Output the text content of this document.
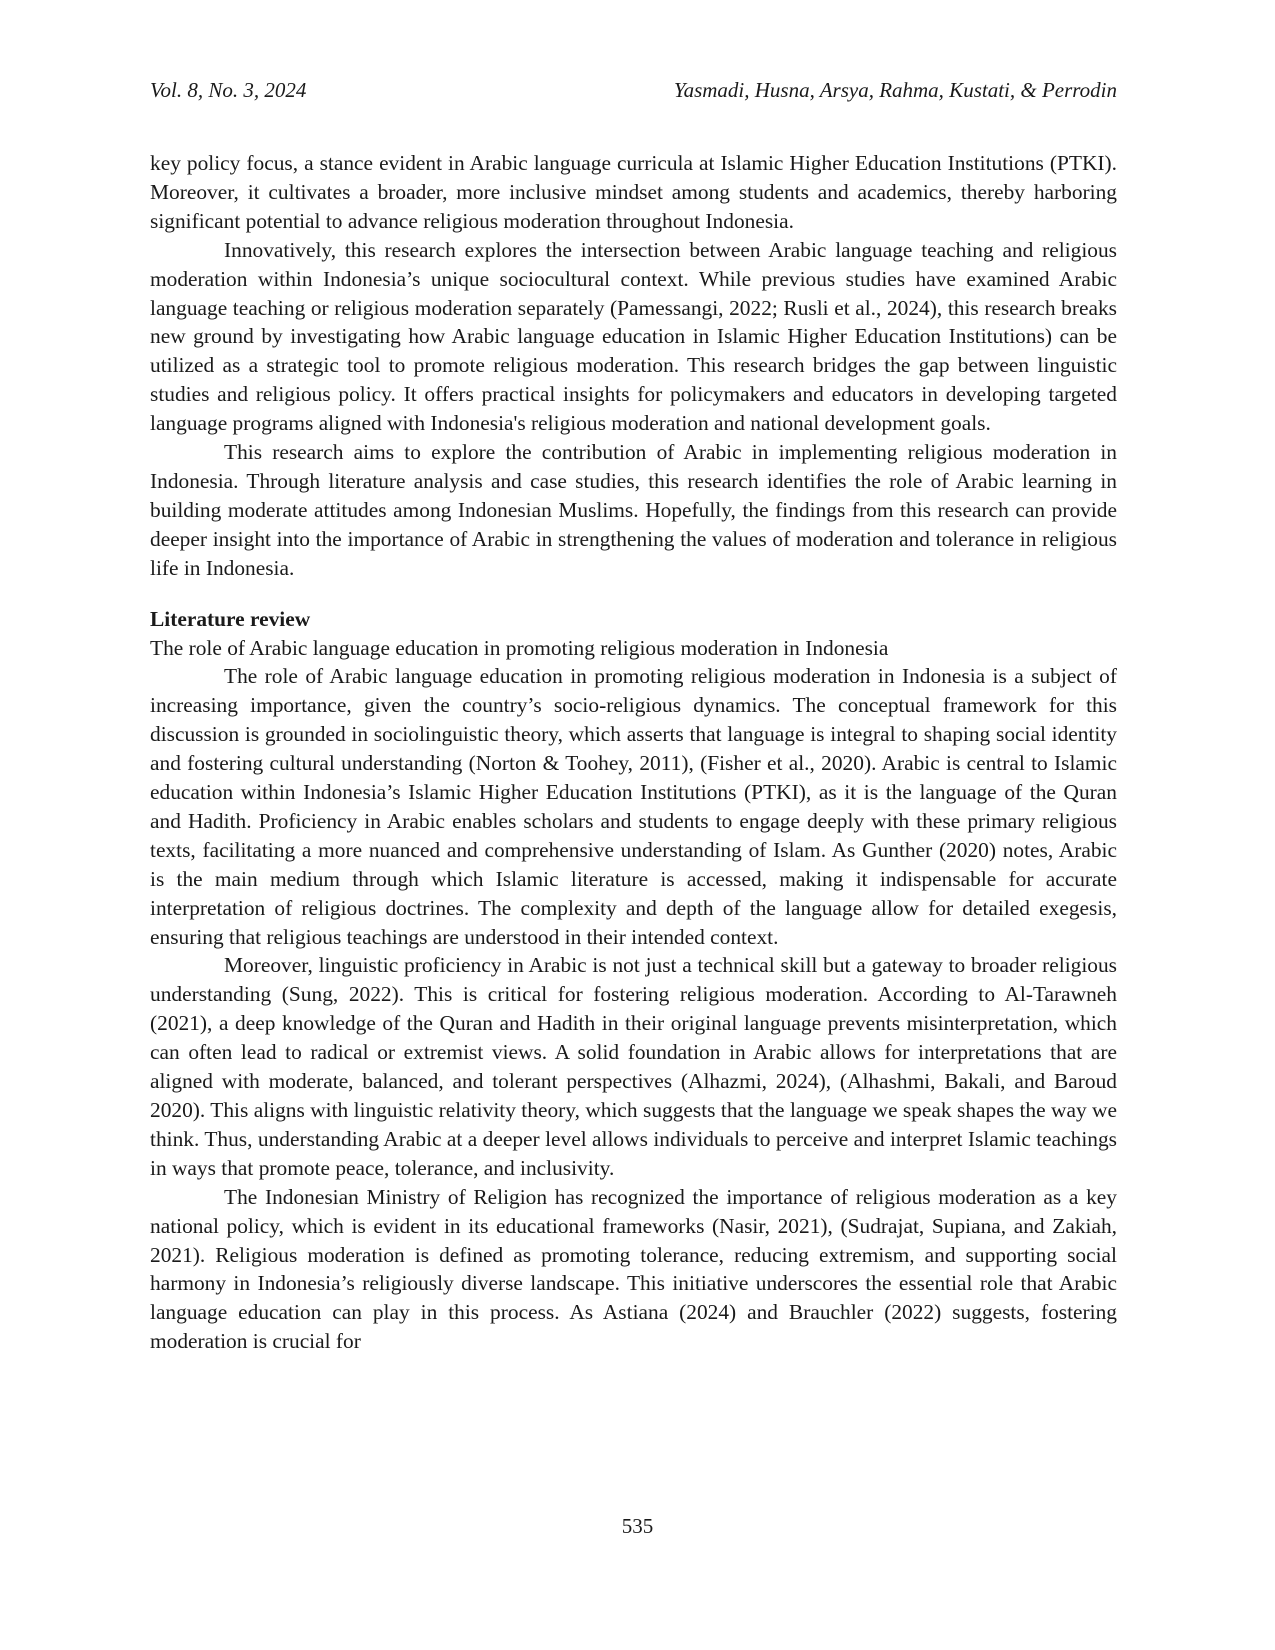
Vol. 8, No. 3, 2024	Yasmadi, Husna, Arsya, Rahma, Kustati, & Perrodin

key policy focus, a stance evident in Arabic language curricula at Islamic Higher Education Institutions (PTKI). Moreover, it cultivates a broader, more inclusive mindset among students and academics, thereby harboring significant potential to advance religious moderation throughout Indonesia.

Innovatively, this research explores the intersection between Arabic language teaching and religious moderation within Indonesia’s unique sociocultural context. While previous studies have examined Arabic language teaching or religious moderation separately (Pamessangi, 2022; Rusli et al., 2024), this research breaks new ground by investigating how Arabic language education in Islamic Higher Education Institutions) can be utilized as a strategic tool to promote religious moderation. This research bridges the gap between linguistic studies and religious policy. It offers practical insights for policymakers and educators in developing targeted language programs aligned with Indonesia's religious moderation and national development goals.

This research aims to explore the contribution of Arabic in implementing religious moderation in Indonesia. Through literature analysis and case studies, this research identifies the role of Arabic learning in building moderate attitudes among Indonesian Muslims. Hopefully, the findings from this research can provide deeper insight into the importance of Arabic in strengthening the values of moderation and tolerance in religious life in Indonesia.

Literature review
The role of Arabic language education in promoting religious moderation in Indonesia

The role of Arabic language education in promoting religious moderation in Indonesia is a subject of increasing importance, given the country’s socio-religious dynamics. The conceptual framework for this discussion is grounded in sociolinguistic theory, which asserts that language is integral to shaping social identity and fostering cultural understanding (Norton & Toohey, 2011), (Fisher et al., 2020). Arabic is central to Islamic education within Indonesia’s Islamic Higher Education Institutions (PTKI), as it is the language of the Quran and Hadith. Proficiency in Arabic enables scholars and students to engage deeply with these primary religious texts, facilitating a more nuanced and comprehensive understanding of Islam. As Gunther (2020) notes, Arabic is the main medium through which Islamic literature is accessed, making it indispensable for accurate interpretation of religious doctrines. The complexity and depth of the language allow for detailed exegesis, ensuring that religious teachings are understood in their intended context.

Moreover, linguistic proficiency in Arabic is not just a technical skill but a gateway to broader religious understanding (Sung, 2022). This is critical for fostering religious moderation. According to Al-Tarawneh (2021), a deep knowledge of the Quran and Hadith in their original language prevents misinterpretation, which can often lead to radical or extremist views. A solid foundation in Arabic allows for interpretations that are aligned with moderate, balanced, and tolerant perspectives (Alhazmi, 2024), (Alhashmi, Bakali, and Baroud 2020). This aligns with linguistic relativity theory, which suggests that the language we speak shapes the way we think. Thus, understanding Arabic at a deeper level allows individuals to perceive and interpret Islamic teachings in ways that promote peace, tolerance, and inclusivity.

The Indonesian Ministry of Religion has recognized the importance of religious moderation as a key national policy, which is evident in its educational frameworks (Nasir, 2021), (Sudrajat, Supiana, and Zakiah, 2021). Religious moderation is defined as promoting tolerance, reducing extremism, and supporting social harmony in Indonesia’s religiously diverse landscape. This initiative underscores the essential role that Arabic language education can play in this process. As Astiana (2024) and Brauchler (2022) suggests, fostering moderation is crucial for

535
